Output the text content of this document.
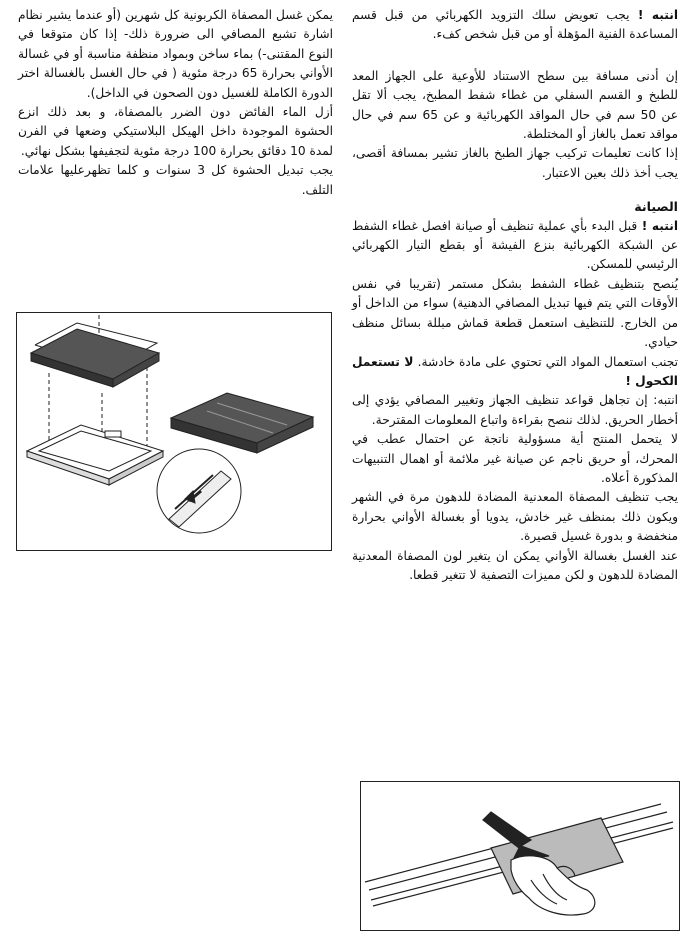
انتبه ! يجب تعويض سلك التزويد الكهربائي من قبل قسم المساعدة الفنية المؤهلة أو من قبل شخص كفء.

إن أدنى مسافة بين سطح الاستناد للأوعية على الجهاز المعد للطبخ و القسم السفلي من غطاء شفط المطبخ، يجب ألا تقل عن 50 سم في حال المواقد الكهربائية و عن 65 سم في حال مواقد تعمل بالغاز أو المختلطة.

إذا كانت تعليمات تركيب جهاز الطبخ بالغاز تشير بمسافة أقصى، يجب أخذ ذلك بعين الاعتبار.

الصيانة

انتبه ! قبل البدء بأي عملية تنظيف أو صيانة افصل غطاء الشفط عن الشبكة الكهربائية بنزع الفيشة أو بقطع التيار الكهربائي الرئيسي للمسكن.

يُنصح بتنظيف غطاء الشفط بشكل مستمر (تقريبا في نفس الأوقات التي يتم فيها تبديل المصافي الدهنية) سواء من الداخل أو من الخارج. للتنظيف استعمل قطعة قماش مبللة بسائل منظف حيادي.

تجنب استعمال المواد التي تحتوي على مادة خادشة. لا تستعمل الكحول !

انتبه: إن تجاهل قواعد تنظيف الجهاز وتغيير المصافي يؤدي إلى أخطار الحريق. لذلك ننصح بقراءة واتباع المعلومات المقترحة.

لا يتحمل المنتج أية مسؤولية ناتجة عن احتمال عطب في المحرك، أو حريق ناجم عن صيانة غير ملائمة أو اهمال التنبيهات المذكورة أعلاه.

يجب تنظيف المصفاة المعدنية المضادة للدهون مرة في الشهر ويكون ذلك بمنظف غير خادش، يدويا أو بغسالة الأواني بحرارة منخفضة و بدورة غسيل قصيرة.

عند الغسل بغسالة الأواني يمكن ان يتغير لون المصفاة المعدنية المضادة للدهون و لكن مميزات التصفية لا تتغير قطعا.

يمكن غسل المصفاة الكربونية كل شهرين (أو عندما يشير نظام اشارة تشبع المصافي الى ضرورة ذلك- إذا كان متوقعا في النوع المقتنى-) بماء ساخن وبمواد منظفة مناسبة أو في غسالة الأواني بحرارة 65 درجة مئوية ( في حال الغسل بالغسالة اختر الدورة الكاملة للغسيل دون الصحون في الداخل).

أزل الماء الفائض دون الضرر بالمصفاة، و بعد ذلك انزع الحشوة الموجودة داخل الهيكل البلاستيكي وضعها في الفرن لمدة 10 دقائق بحرارة 100 درجة مئوية لتجفيفها بشكل نهائي.

يجب تبديل الحشوة كل 3 سنوات و كلما تظهرعليها علامات التلف.
